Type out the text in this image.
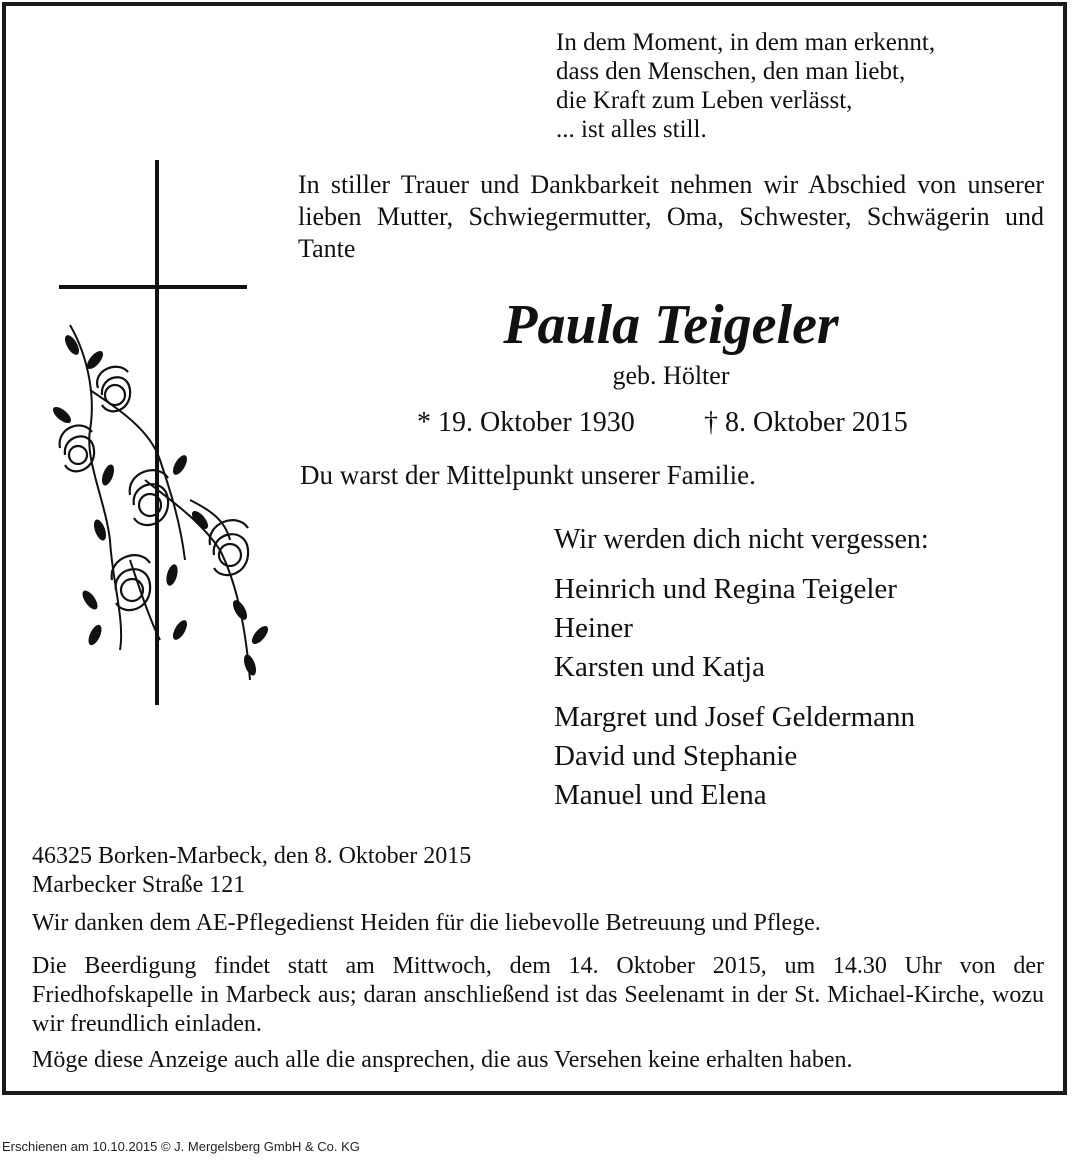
In dem Moment, in dem man erkennt,
dass den Menschen, den man liebt,
die Kraft zum Leben verlässt,
... ist alles still.
In stiller Trauer und Dankbarkeit nehmen wir Abschied von unserer lieben Mutter, Schwiegermutter, Oma, Schwester, Schwägerin und Tante
Paula Teigeler
geb. Hölter
* 19. Oktober 1930 † 8. Oktober 2015
Du warst der Mittelpunkt unserer Familie.
Wir werden dich nicht vergessen:
Heinrich und Regina Teigeler
Heiner
Karsten und Katja
Margret und Josef Geldermann
David und Stephanie
Manuel und Elena
46325 Borken-Marbeck, den 8. Oktober 2015
Marbecker Straße 121
Wir danken dem AE-Pflegedienst Heiden für die liebevolle Betreuung und Pflege.
Die Beerdigung findet statt am Mittwoch, dem 14. Oktober 2015, um 14.30 Uhr von der Friedhofskapelle in Marbeck aus; daran anschließend ist das Seelenamt in der St. Michael-Kirche, wozu wir freundlich einladen.
Möge diese Anzeige auch alle die ansprechen, die aus Versehen keine erhalten haben.
Erschienen am 10.10.2015 © J. Mergelsberg GmbH & Co. KG
